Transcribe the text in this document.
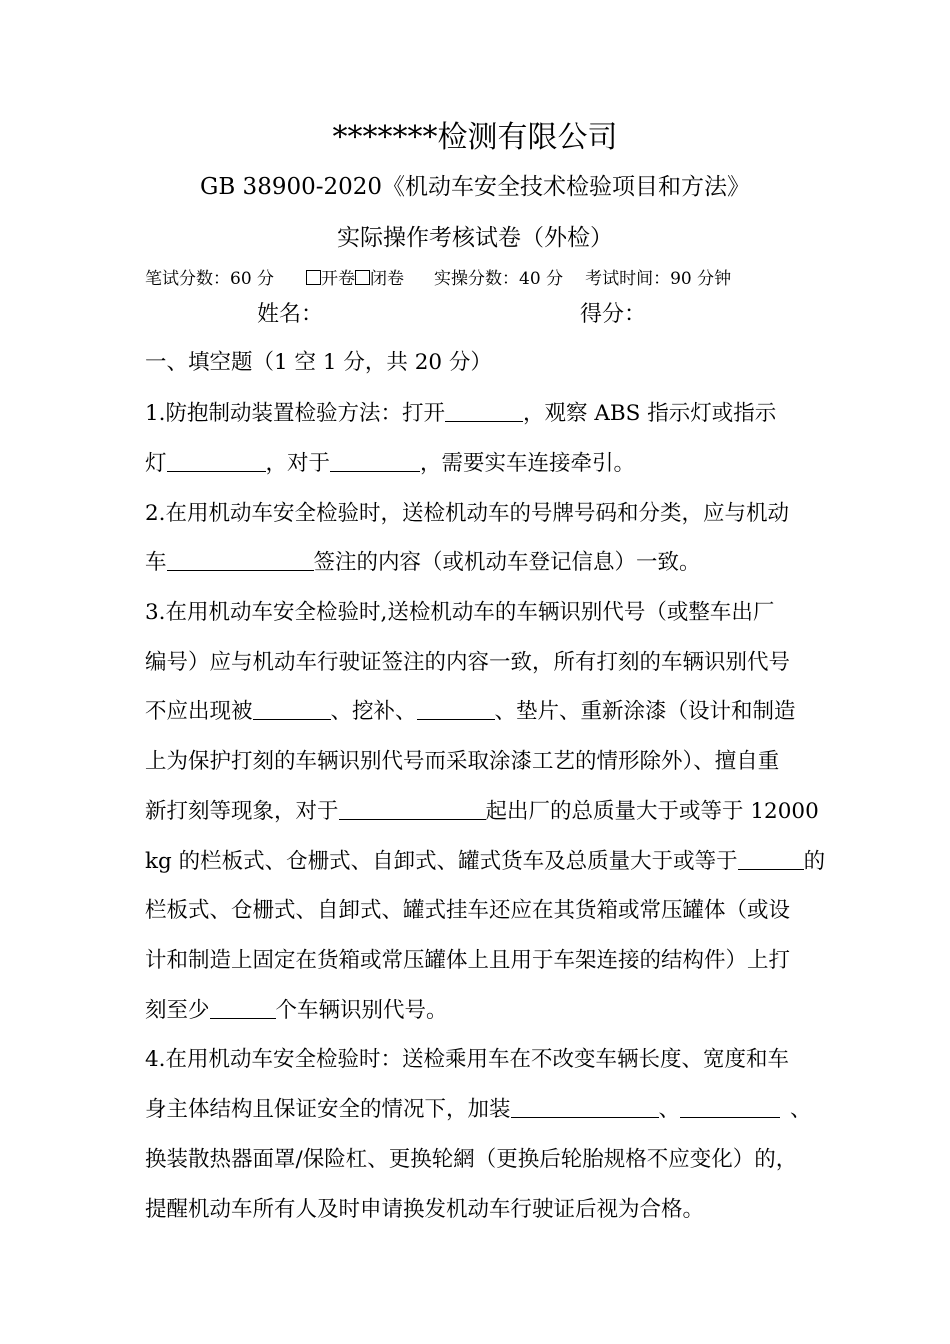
*******检测有限公司
GB 38900-2020《机动车安全技术检验项目和方法》
实际操作考核试卷（外检）
笔试分数：60 分	开卷 闭卷 实操分数：40 分 考试时间：90 分钟
姓名：	得分：
一、填空题（1 空 1 分，共 20 分）
1.防抱制动装置检验方法：打开	，观察 ABS 指示灯或指示
灯	，对于	，需要实车连接牵引。
2.在用机动车安全检验时，送检机动车的号牌号码和分类，应与机动
车	签注的内容（或机动车登记信息）一致。
3.在用机动车安全检验时,送检机动车的车辆识别代号（或整车出厂
编号）应与机动车行驶证签注的内容一致，所有打刻的车辆识别代号
不应出现被	、挖补、	、垫片、重新涂漆（设计和制造
上为保护打刻的车辆识别代号而采取涂漆工艺的情形除外）、擅自重
新打刻等现象，对于	起出厂的总质量大于或等于 12000
kg 的栏板式、仓栅式、自卸式、罐式货车及总质量大于或等于	的
栏板式、仓栅式、自卸式、罐式挂车还应在其货箱或常压罐体（或设
计和制造上固定在货箱或常压罐体上且用于车架连接的结构件）上打
刻至少	个车辆识别代号。
4.在用机动车安全检验时：送检乘用车在不改变车辆长度、宽度和车
身主体结构且保证安全的情况下，加装	、	、
换装散热器面罩/保险杠、更换轮網（更换后轮胎规格不应变化）的，
提醒机动车所有人及时申请换发机动车行驶证后视为合格。
